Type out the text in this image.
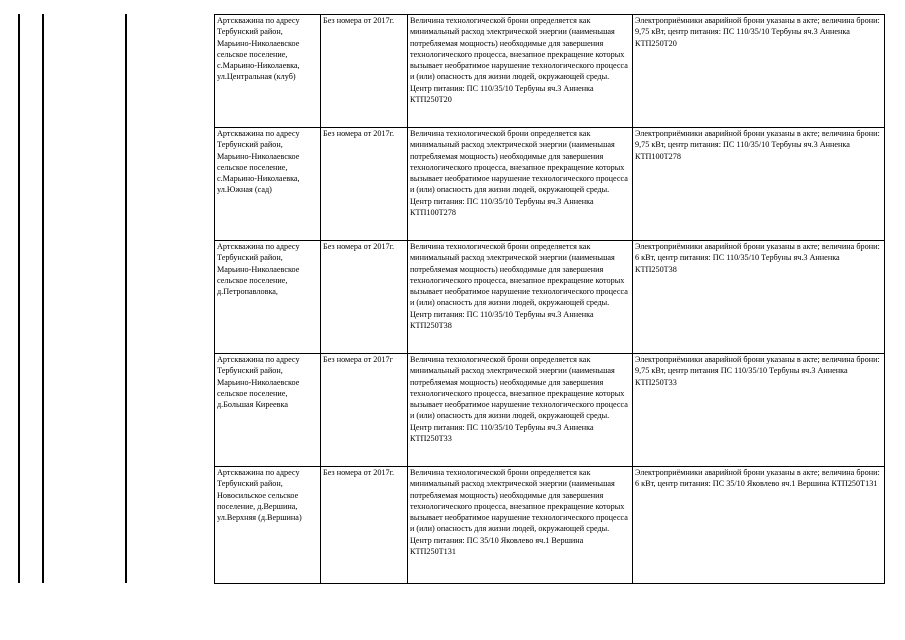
Артскважина по адресу Тербунский район, Марьино-Николаевское сельское поселение, с.Марьино-Николаевка, ул.Центральная (клуб)	Без номера от 2017г.	Величина технологической брони определяется как минимальный расход электрической энергии (наименьшая потребляемая мощность) необходимые для завершения технологического процесса, внезапное прекращение которых вызывает необратимое нарушение технологического процесса и (или) опасность для жизни людей, окружающей среды. Центр питания: ПС 110/35/10 Тербуны яч.3 Анненка КТП250Т20	Электроприёмники аварийной брони указаны в акте; величина брони: 9,75 кВт, центр питания: ПС 110/35/10 Тербуны яч.3 Анненка КТП250Т20
Артскважина по адресу Тербунский район, Марьино-Николаевское сельское поселение, с.Марьино-Николаевка, ул.Южная (сад)	Без номера от 2017г.	Величина технологической брони определяется как минимальный расход электрической энергии (наименьшая потребляемая мощность) необходимые для завершения технологического процесса, внезапное прекращение которых вызывает необратимое нарушение технологического процесса и (или) опасность для жизни людей, окружающей среды. Центр питания: ПС 110/35/10 Тербуны яч.3 Анненка КТП100Т278	Электроприёмники аварийной брони указаны в акте; величина брони: 9,75 кВт, центр питания: ПС 110/35/10 Тербуны яч.3 Анненка КТП100Т278
Артскважина по адресу Тербунский район, Марьино-Николаевское сельское поселение, д.Петропавловка,	Без номера от 2017г.	Величина технологической брони определяется как минимальный расход электрической энергии (наименьшая потребляемая мощность) необходимые для завершения технологического процесса, внезапное прекращение которых вызывает необратимое нарушение технологического процесса и (или) опасность для жизни людей, окружающей среды. Центр питания: ПС 110/35/10 Тербуны яч.3 Анненка КТП250Т38	Электроприёмники аварийной брони указаны в акте; величина брони: 6 кВт, центр питания: ПС 110/35/10 Тербуны яч.3 Анненка КТП250Т38
Артскважина по адресу Тербунский район, Марьино-Николаевское сельское поселение, д.Большая Киреевка	Без номера от 2017г	Величина технологической брони определяется как минимальный расход электрической энергии (наименьшая потребляемая мощность) необходимые для завершения технологического процесса, внезапное прекращение которых вызывает необратимое нарушение технологического процесса и (или) опасность для жизни людей, окружающей среды. Центр питания: ПС 110/35/10 Тербуны яч.3 Анненка КТП250Т33	Электроприёмники аварийной брони указаны в акте; величина брони: 9,75 кВт, центр питания ПС 110/35/10 Тербуны яч.3 Анненка КТП250Т33
Артскважина по адресу Тербунский район, Новосильское сельское поселение, д.Вершина, ул.Верхняя (д.Вершина)	Без номера от 2017г.	Величина технологической брони определяется как минимальный расход электрической энергии (наименьшая потребляемая мощность) необходимые для завершения технологического процесса, внезапное прекращение которых вызывает необратимое нарушение технологического процесса и (или) опасность для жизни людей, окружающей среды. Центр питания: ПС 35/10 Яковлево яч.1 Вершина КТП250Т131	Электроприёмники аварийной брони указаны в акте; величина брони: 6 кВт, центр питания: ПС 35/10 Яковлево яч.1 Вершина КТП250Т131
